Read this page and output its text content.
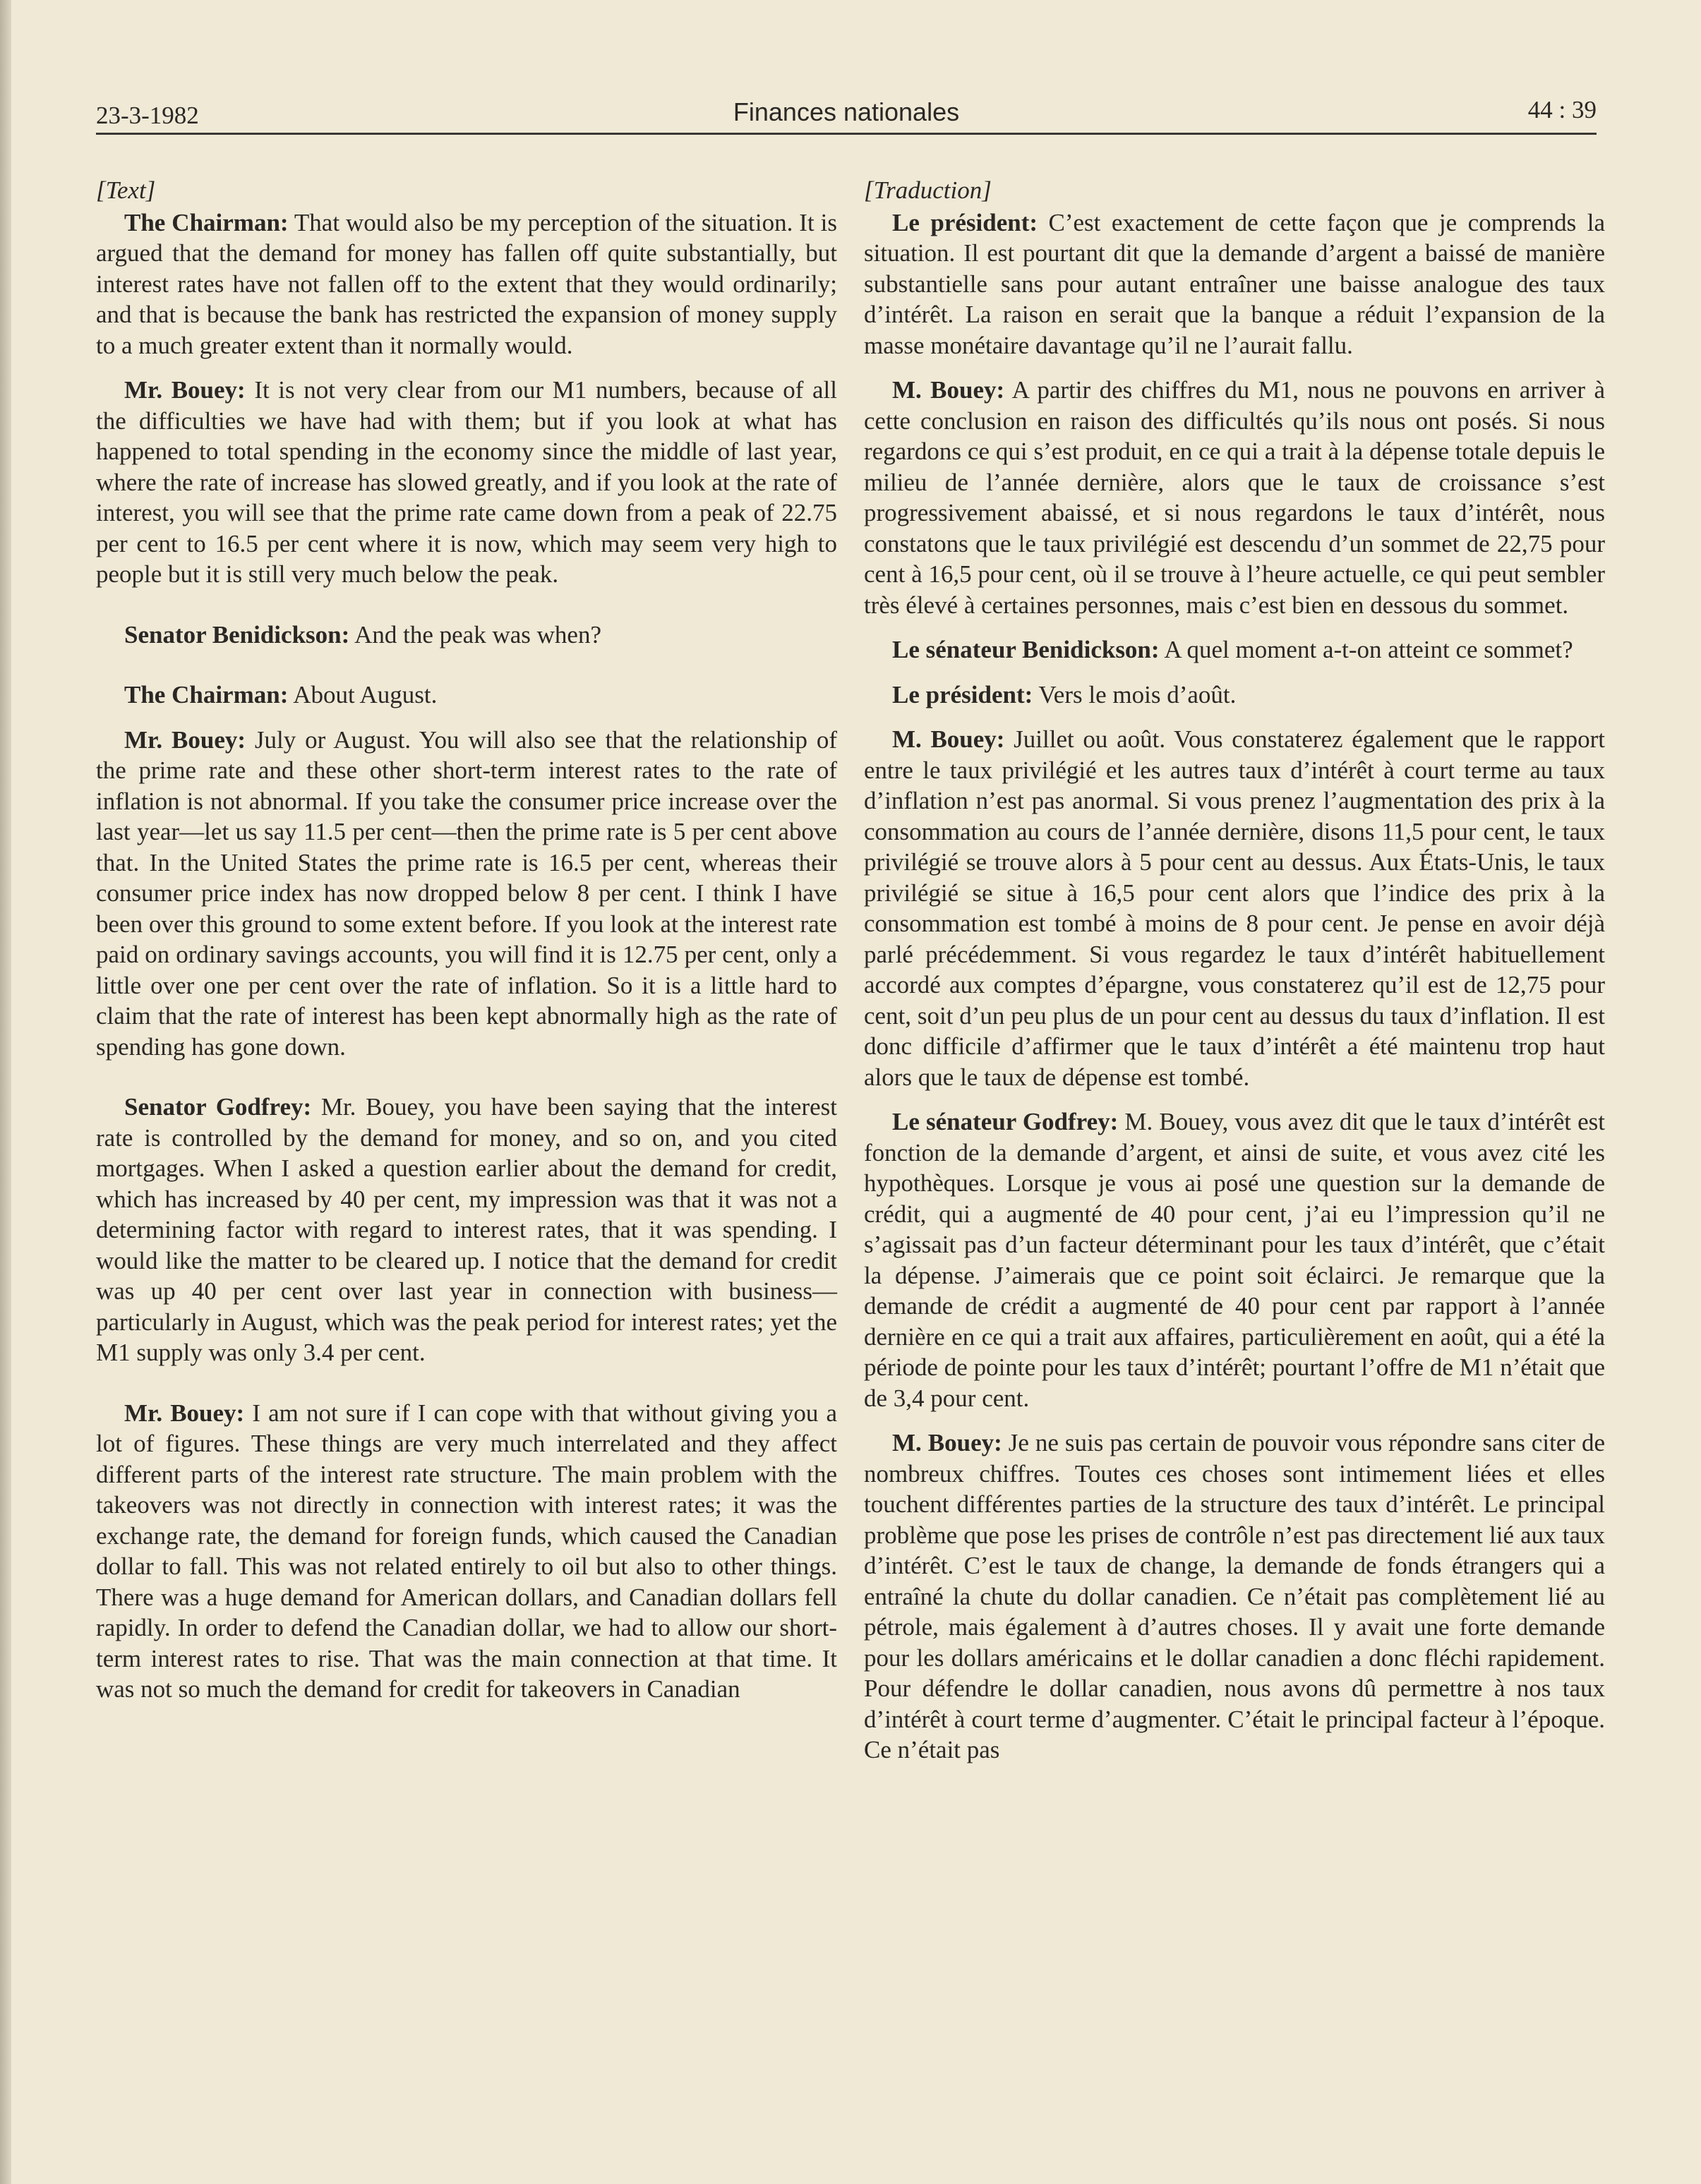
23-3-1982	Finances nationales	44 : 39

[Text]

The Chairman: That would also be my perception of the situation. It is argued that the demand for money has fallen off quite substantially, but interest rates have not fallen off to the extent that they would ordinarily; and that is because the bank has restricted the expansion of money supply to a much greater extent than it normally would.

Mr. Bouey: It is not very clear from our M1 numbers, because of all the difficulties we have had with them; but if you look at what has happened to total spending in the economy since the middle of last year, where the rate of increase has slowed greatly, and if you look at the rate of interest, you will see that the prime rate came down from a peak of 22.75 per cent to 16.5 per cent where it is now, which may seem very high to people but it is still very much below the peak.

Senator Benidickson: And the peak was when?

The Chairman: About August.

Mr. Bouey: July or August. You will also see that the relationship of the prime rate and these other short-term interest rates to the rate of inflation is not abnormal. If you take the consumer price increase over the last year—let us say 11.5 per cent—then the prime rate is 5 per cent above that. In the United States the prime rate is 16.5 per cent, whereas their consumer price index has now dropped below 8 per cent. I think I have been over this ground to some extent before. If you look at the interest rate paid on ordinary savings accounts, you will find it is 12.75 per cent, only a little over one per cent over the rate of inflation. So it is a little hard to claim that the rate of interest has been kept abnormally high as the rate of spending has gone down.

Senator Godfrey: Mr. Bouey, you have been saying that the interest rate is controlled by the demand for money, and so on, and you cited mortgages. When I asked a question earlier about the demand for credit, which has increased by 40 per cent, my impression was that it was not a determining factor with regard to interest rates, that it was spending. I would like the matter to be cleared up. I notice that the demand for credit was up 40 per cent over last year in connection with business—particularly in August, which was the peak period for interest rates; yet the M1 supply was only 3.4 per cent.

Mr. Bouey: I am not sure if I can cope with that without giving you a lot of figures. These things are very much interrelated and they affect different parts of the interest rate structure. The main problem with the takeovers was not directly in connection with interest rates; it was the exchange rate, the demand for foreign funds, which caused the Canadian dollar to fall. This was not related entirely to oil but also to other things. There was a huge demand for American dollars, and Canadian dollars fell rapidly. In order to defend the Canadian dollar, we had to allow our short-term interest rates to rise. That was the main connection at that time. It was not so much the demand for credit for takeovers in Canadian

[Traduction]

Le président: C’est exactement de cette façon que je comprends la situation. Il est pourtant dit que la demande d’argent a baissé de manière substantielle sans pour autant entraîner une baisse analogue des taux d’intérêt. La raison en serait que la banque a réduit l’expansion de la masse monétaire davantage qu’il ne l’aurait fallu.

M. Bouey: A partir des chiffres du M1, nous ne pouvons en arriver à cette conclusion en raison des difficultés qu’ils nous ont posés. Si nous regardons ce qui s’est produit, en ce qui a trait à la dépense totale depuis le milieu de l’année dernière, alors que le taux de croissance s’est progressivement abaissé, et si nous regardons le taux d’intérêt, nous constatons que le taux privilégié est descendu d’un sommet de 22,75 pour cent à 16,5 pour cent, où il se trouve à l’heure actuelle, ce qui peut sembler très élevé à certaines personnes, mais c’est bien en dessous du sommet.

Le sénateur Benidickson: A quel moment a-t-on atteint ce sommet?

Le président: Vers le mois d’août.

M. Bouey: Juillet ou août. Vous constaterez également que le rapport entre le taux privilégié et les autres taux d’intérêt à court terme au taux d’inflation n’est pas anormal. Si vous prenez l’augmentation des prix à la consommation au cours de l’année dernière, disons 11,5 pour cent, le taux privilégié se trouve alors à 5 pour cent au dessus. Aux États-Unis, le taux privilégié se situe à 16,5 pour cent alors que l’indice des prix à la consommation est tombé à moins de 8 pour cent. Je pense en avoir déjà parlé précédemment. Si vous regardez le taux d’intérêt habituellement accordé aux comptes d’épargne, vous constaterez qu’il est de 12,75 pour cent, soit d’un peu plus de un pour cent au dessus du taux d’inflation. Il est donc difficile d’affirmer que le taux d’intérêt a été maintenu trop haut alors que le taux de dépense est tombé.

Le sénateur Godfrey: M. Bouey, vous avez dit que le taux d’intérêt est fonction de la demande d’argent, et ainsi de suite, et vous avez cité les hypothèques. Lorsque je vous ai posé une question sur la demande de crédit, qui a augmenté de 40 pour cent, j’ai eu l’impression qu’il ne s’agissait pas d’un facteur déterminant pour les taux d’intérêt, que c’était la dépense. J’aimerais que ce point soit éclairci. Je remarque que la demande de crédit a augmenté de 40 pour cent par rapport à l’année dernière en ce qui a trait aux affaires, particulièrement en août, qui a été la période de pointe pour les taux d’intérêt; pourtant l’offre de M1 n’était que de 3,4 pour cent.

M. Bouey: Je ne suis pas certain de pouvoir vous répondre sans citer de nombreux chiffres. Toutes ces choses sont intimement liées et elles touchent différentes parties de la structure des taux d’intérêt. Le principal problème que pose les prises de contrôle n’est pas directement lié aux taux d’intérêt. C’est le taux de change, la demande de fonds étrangers qui a entraîné la chute du dollar canadien. Ce n’était pas complètement lié au pétrole, mais également à d’autres choses. Il y avait une forte demande pour les dollars américains et le dollar canadien a donc fléchi rapidement. Pour défendre le dollar canadien, nous avons dû permettre à nos taux d’intérêt à court terme d’augmenter. C’était le principal facteur à l’époque. Ce n’était pas
